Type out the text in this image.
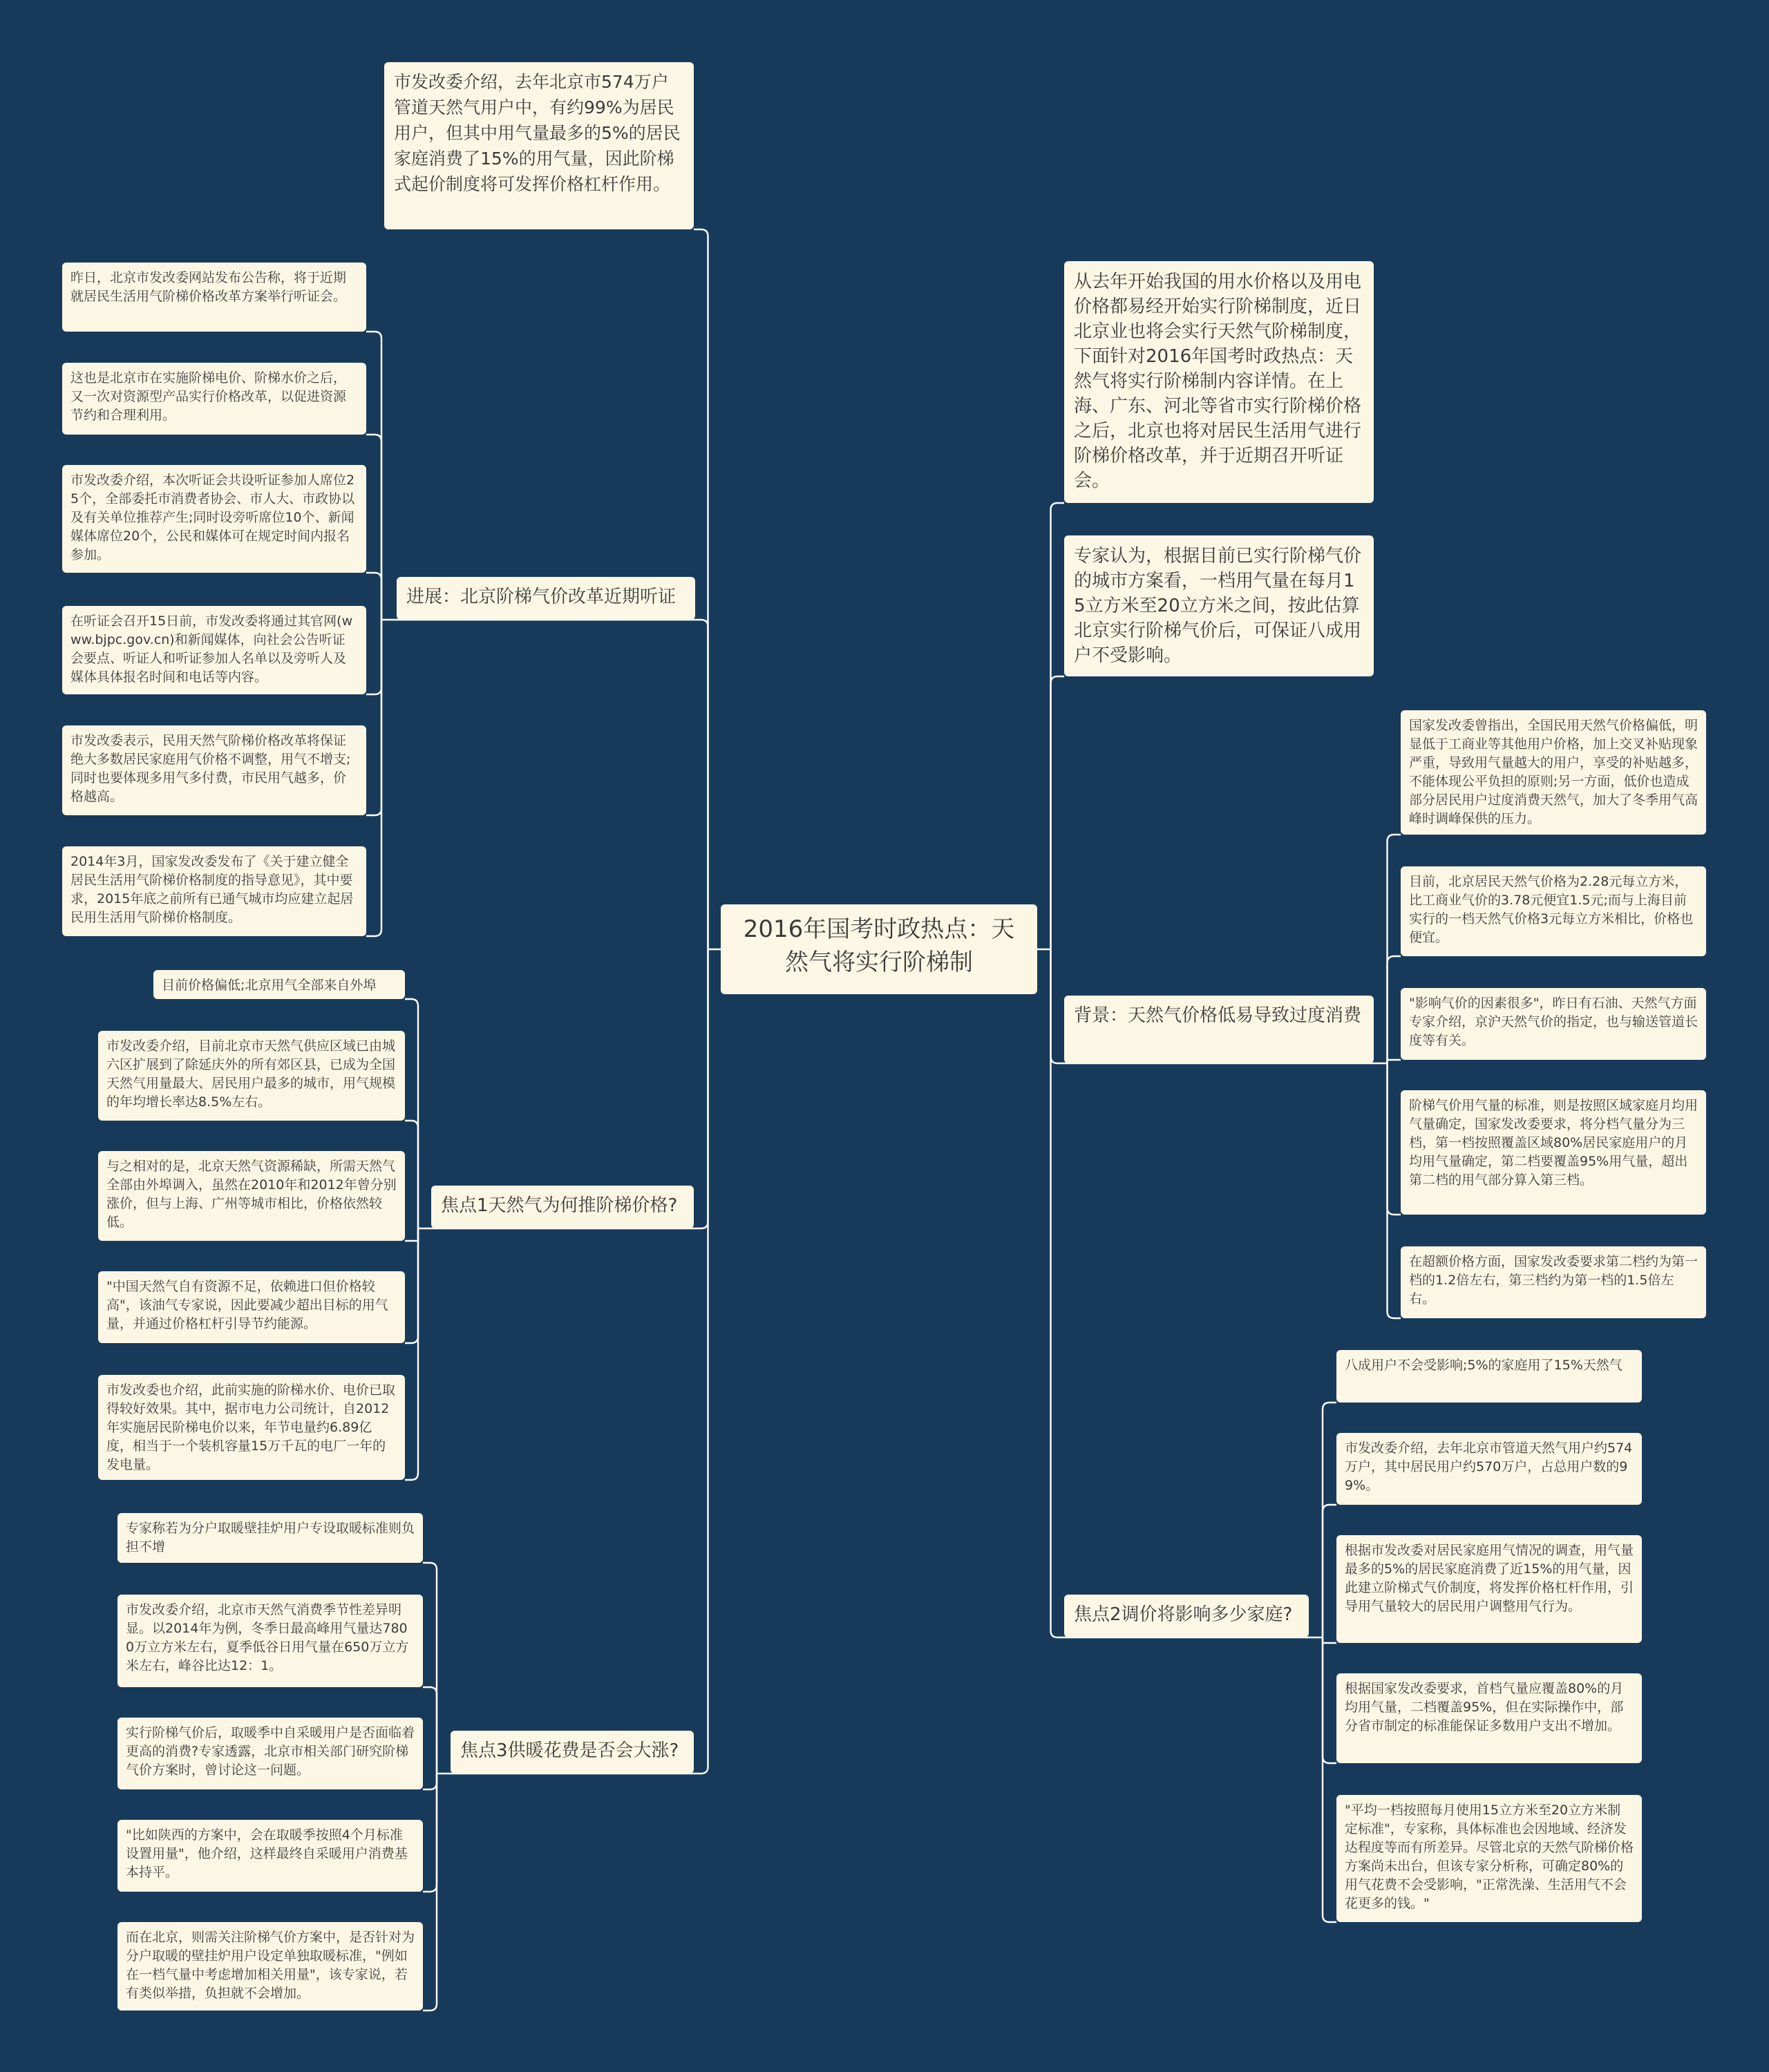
2016年国考时政热点：天然气将实行阶梯制
市发改委介绍，去年北京市574万户管道天然气用户中，有约99%为居民用户，但其中用气量最多的5%的居民家庭消费了15%的用气量，因此阶梯式起价制度将可发挥价格杠杆作用。
进展：北京阶梯气价改革近期听证
昨日，北京市发改委网站发布公告称，将于近期就居民生活用气阶梯价格改革方案举行听证会。
这也是北京市在实施阶梯电价、阶梯水价之后，又一次对资源型产品实行价格改革，以促进资源节约和合理利用。
市发改委介绍，本次听证会共设听证参加人席位25个，全部委托市消费者协会、市人大、市政协以及有关单位推荐产生;同时设旁听席位10个、新闻媒体席位20个，公民和媒体可在规定时间内报名参加。
在听证会召开15日前，市发改委将通过其官网(www.bjpc.gov.cn)和新闻媒体，向社会公告听证会要点、听证人和听证参加人名单以及旁听人及媒体具体报名时间和电话等内容。
市发改委表示，民用天然气阶梯价格改革将保证绝大多数居民家庭用气价格不调整，用气不增支;同时也要体现多用气多付费，市民用气越多，价格越高。
2014年3月，国家发改委发布了《关于建立健全居民生活用气阶梯价格制度的指导意见》，其中要求，2015年底之前所有已通气城市均应建立起居民用生活用气阶梯价格制度。
焦点1天然气为何推阶梯价格?
目前价格偏低;北京用气全部来自外埠
市发改委介绍，目前北京市天然气供应区域已由城六区扩展到了除延庆外的所有郊区县，已成为全国天然气用量最大、居民用户最多的城市，用气规模的年均增长率达8.5%左右。
与之相对的是，北京天然气资源稀缺，所需天然气全部由外埠调入，虽然在2010年和2012年曾分别涨价，但与上海、广州等城市相比，价格依然较低。
"中国天然气自有资源不足，依赖进口但价格较高"，该油气专家说，因此要减少超出目标的用气量，并通过价格杠杆引导节约能源。
市发改委也介绍，此前实施的阶梯水价、电价已取得较好效果。其中，据市电力公司统计，自2012年实施居民阶梯电价以来，年节电量约6.89亿度，相当于一个装机容量15万千瓦的电厂一年的发电量。
焦点3供暖花费是否会大涨?
专家称若为分户取暖壁挂炉用户专设取暖标准则负担不增
市发改委介绍，北京市天然气消费季节性差异明显。以2014年为例，冬季日最高峰用气量达7800万立方米左右，夏季低谷日用气量在650万立方米左右，峰谷比达12：1。
实行阶梯气价后，取暖季中自采暖用户是否面临着更高的消费?专家透露，北京市相关部门研究阶梯气价方案时，曾讨论这一问题。
"比如陕西的方案中，会在取暖季按照4个月标准设置用量"，他介绍，这样最终自采暖用户消费基本持平。
而在北京，则需关注阶梯气价方案中，是否针对为分户取暖的壁挂炉用户设定单独取暖标准，"例如在一档气量中考虑增加相关用量"，该专家说，若有类似举措，负担就不会增加。
从去年开始我国的用水价格以及用电价格都易经开始实行阶梯制度，近日北京业也将会实行天然气阶梯制度，下面针对2016年国考时政热点：天然气将实行阶梯制内容详情。在上海、广东、河北等省市实行阶梯价格之后，北京也将对居民生活用气进行阶梯价格改革，并于近期召开听证会。
专家认为，根据目前已实行阶梯气价的城市方案看，一档用气量在每月15立方米至20立方米之间，按此估算北京实行阶梯气价后，可保证八成用户不受影响。
背景：天然气价格低易导致过度消费
国家发改委曾指出，全国民用天然气价格偏低，明显低于工商业等其他用户价格，加上交叉补贴现象严重，导致用气量越大的用户，享受的补贴越多，不能体现公平负担的原则;另一方面，低价也造成部分居民用户过度消费天然气，加大了冬季用气高峰时调峰保供的压力。
目前，北京居民天然气价格为2.28元每立方米，比工商业气价的3.78元便宜1.5元;而与上海目前实行的一档天然气价格3元每立方米相比，价格也便宜。
"影响气价的因素很多"，昨日有石油、天然气方面专家介绍，京沪天然气价的指定，也与输送管道长度等有关。
阶梯气价用气量的标准，则是按照区域家庭月均用气量确定，国家发改委要求，将分档气量分为三档，第一档按照覆盖区域80%居民家庭用户的月均用气量确定，第二档要覆盖95%用气量，超出第二档的用气部分算入第三档。
在超额价格方面，国家发改委要求第二档约为第一档的1.2倍左右，第三档约为第一档的1.5倍左右。
焦点2调价将影响多少家庭?
八成用户不会受影响;5%的家庭用了15%天然气
市发改委介绍，去年北京市管道天然气用户约574万户，其中居民用户约570万户，占总用户数的99%。
根据市发改委对居民家庭用气情况的调查，用气量最多的5%的居民家庭消费了近15%的用气量，因此建立阶梯式气价制度，将发挥价格杠杆作用，引导用气量较大的居民用户调整用气行为。
根据国家发改委要求，首档气量应覆盖80%的月均用气量，二档覆盖95%，但在实际操作中，部分省市制定的标准能保证多数用户支出不增加。
"平均一档按照每月使用15立方米至20立方米制定标准"，专家称，具体标准也会因地域、经济发达程度等而有所差异。尽管北京的天然气阶梯价格方案尚未出台，但该专家分析称，可确定80%的用气花费不会受影响，"正常洗澡、生活用气不会花更多的钱。"
